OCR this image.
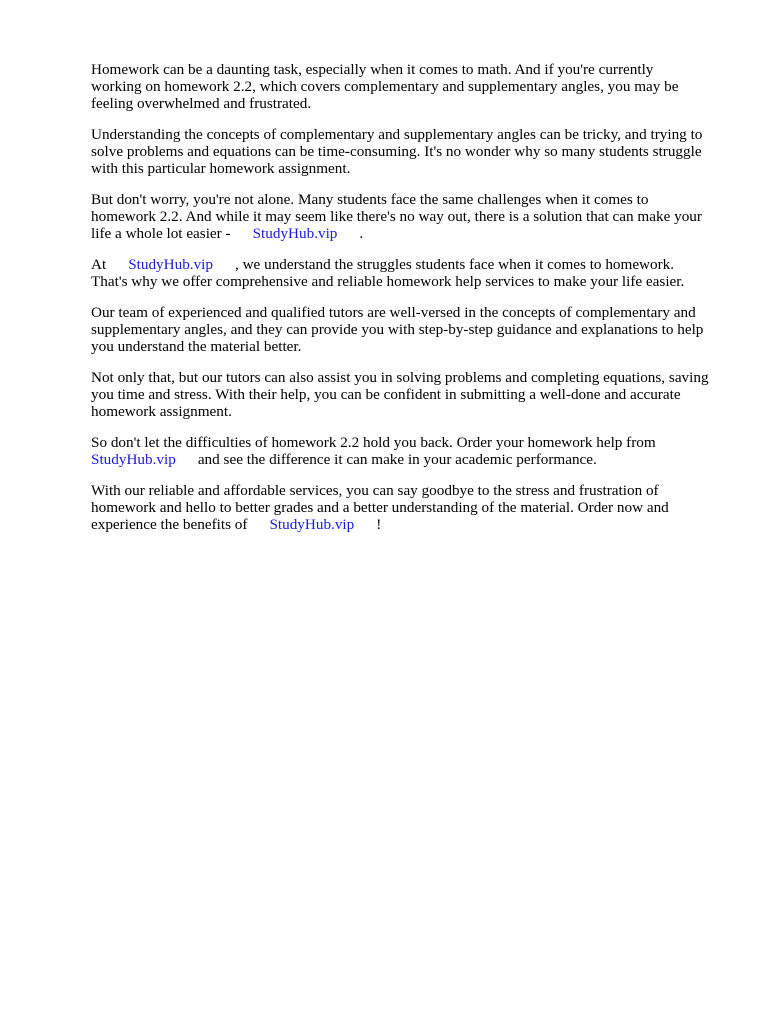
Homework can be a daunting task, especially when it comes to math. And if you're currently
working on homework 2.2, which covers complementary and supplementary angles, you may be
feeling overwhelmed and frustrated.

Understanding the concepts of complementary and supplementary angles can be tricky, and trying to
solve problems and equations can be time-consuming. It's no wonder why so many students struggle
with this particular homework assignment.

But don't worry, you're not alone. Many students face the same challenges when it comes to
homework 2.2. And while it may seem like there's no way out, there is a solution that can make your
life a whole lot easier - StudyHub.vip .

At StudyHub.vip , we understand the struggles students face when it comes to homework.
That's why we offer comprehensive and reliable homework help services to make your life easier.

Our team of experienced and qualified tutors are well-versed in the concepts of complementary and
supplementary angles, and they can provide you with step-by-step guidance and explanations to help
you understand the material better.

Not only that, but our tutors can also assist you in solving problems and completing equations, saving
you time and stress. With their help, you can be confident in submitting a well-done and accurate
homework assignment.

So don't let the difficulties of homework 2.2 hold you back. Order your homework help from
StudyHub.vip and see the difference it can make in your academic performance.

With our reliable and affordable services, you can say goodbye to the stress and frustration of
homework and hello to better grades and a better understanding of the material. Order now and
experience the benefits of StudyHub.vip !
